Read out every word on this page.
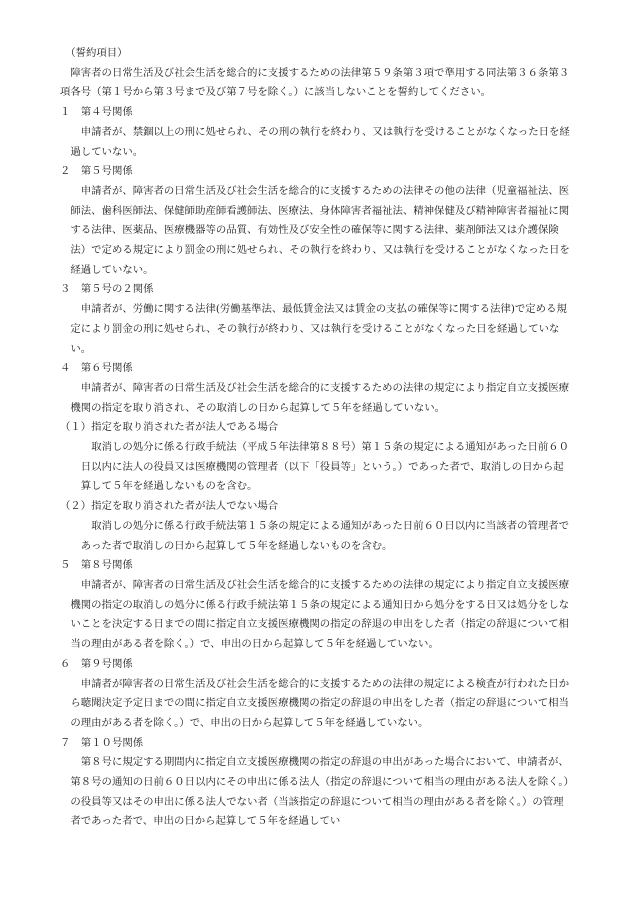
（誓約項目）

障害者の日常生活及び社会生活を総合的に支援するための法律第５９条第３項で準用する同法第３６条第３項各号（第１号から第３号まで及び第７号を除く。）に該当しないことを誓約してください。

１　第４号関係

申請者が、禁錮以上の刑に処せられ、その刑の執行を終わり、又は執行を受けることがなくなった日を経過していない。

２　第５号関係

申請者が、障害者の日常生活及び社会生活を総合的に支援するための法律その他の法律（児童福祉法、医師法、歯科医師法、保健師助産師看護師法、医療法、身体障害者福祉法、精神保健及び精神障害者福祉に関する法律、医薬品、医療機器等の品質、有効性及び安全性の確保等に関する法律、薬剤師法又は介護保険法）で定める規定により罰金の刑に処せられ、その執行を終わり、又は執行を受けることがなくなった日を経過していない。

３　第５号の２関係

申請者が、労働に関する法律(労働基準法、最低賃金法又は賃金の支払の確保等に関する法律)で定める規定により罰金の刑に処せられ、その執行が終わり、又は執行を受けることがなくなった日を経過していない。

４　第６号関係

申請者が、障害者の日常生活及び社会生活を総合的に支援するための法律の規定により指定自立支援医療機関の指定を取り消され、その取消しの日から起算して５年を経過していない。

（１）指定を取り消された者が法人である場合

取消しの処分に係る行政手続法（平成５年法律第８８号）第１５条の規定による通知があった日前６０日以内に法人の役員又は医療機関の管理者（以下「役員等」という。）であった者で、取消しの日から起算して５年を経過しないものを含む。

（２）指定を取り消された者が法人でない場合

取消しの処分に係る行政手続法第１５条の規定による通知があった日前６０日以内に当該者の管理者であった者で取消しの日から起算して５年を経過しないものを含む。

５　第８号関係

申請者が、障害者の日常生活及び社会生活を総合的に支援するための法律の規定により指定自立支援医療機関の指定の取消しの処分に係る行政手続法第１５条の規定による通知日から処分をする日又は処分をしないことを決定する日までの間に指定自立支援医療機関の指定の辞退の申出をした者（指定の辞退について相当の理由がある者を除く。）で、申出の日から起算して５年を経過していない。

６　第９号関係

申請者が障害者の日常生活及び社会生活を総合的に支援するための法律の規定による検査が行われた日から聴聞決定予定日までの間に指定自立支援医療機関の指定の辞退の申出をした者（指定の辞退について相当の理由がある者を除く。）で、申出の日から起算して５年を経過していない。

７　第１０号関係

第８号に規定する期間内に指定自立支援医療機関の指定の辞退の申出があった場合において、申請者が、第８号の通知の日前６０日以内にその申出に係る法人（指定の辞退について相当の理由がある法人を除く。）の役員等又はその申出に係る法人でない者（当該指定の辞退について相当の理由がある者を除く。）の管理者であった者で、申出の日から起算して５年を経過してい
